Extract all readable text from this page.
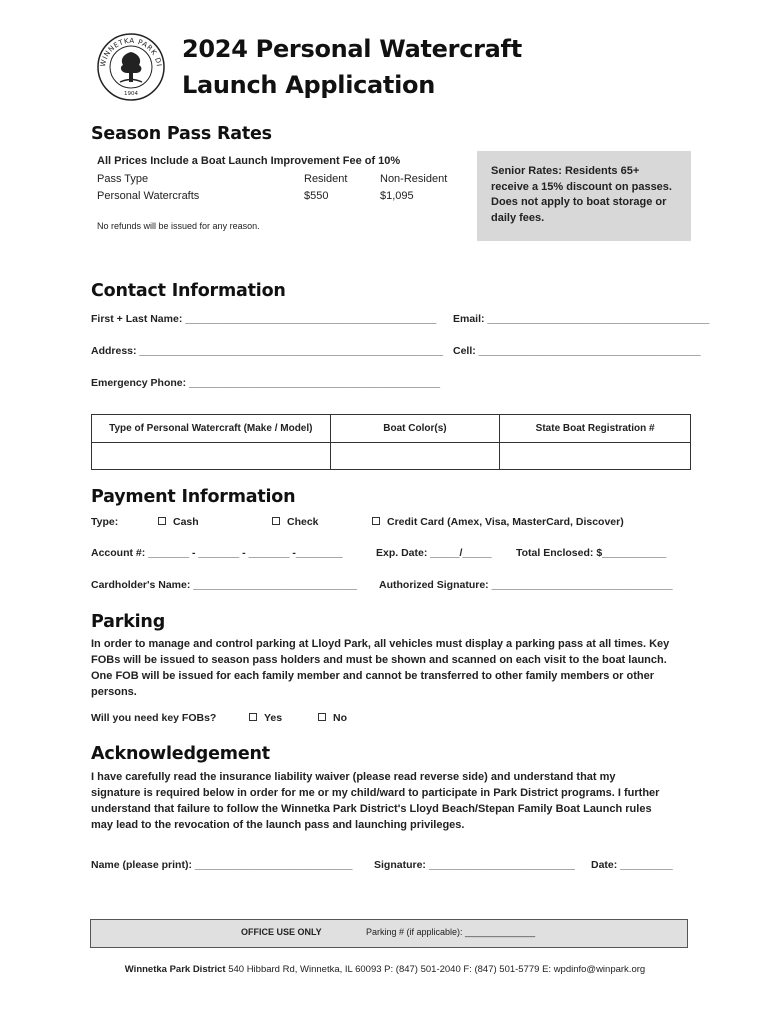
WINNETKA PARK DI
1904
2024 Personal Watercraft
Launch Application
Season Pass Rates
All Prices Include a Boat Launch Improvement Fee of 10%
Pass Type	Resident	Non-Resident
Personal Watercrafts	$550	$1,095
No refunds will be issued for any reason.
Senior Rates: Residents 65+ receive a 15% discount on passes. Does not apply to boat storage or daily fees.
Contact Information
First + Last Name: ___________________________________________ Email: ______________________________________
Address: ____________________________________________________ Cell: ______________________________________
Emergency Phone: ___________________________________________
Type of Personal Watercraft (Make / Model)	Boat Color(s)	State Boat Registration #

Payment Information
Type:	Cash	Check	Credit Card (Amex, Visa, MasterCard, Discover)
Account #: _______ - _______ - _______ -________	Exp. Date: _____/_____ Total Enclosed: $___________
Cardholder's Name: ____________________________ Authorized Signature: _______________________________
Parking
In order to manage and control parking at Lloyd Park, all vehicles must display a parking pass at all times. Key
FOBs will be issued to season pass holders and must be shown and scanned on each visit to the boat launch.
One FOB will be issued for each family member and cannot be transferred to other family members or other
persons.
Will you need key FOBs?	Yes	No
Acknowledgement
I have carefully read the insurance liability waiver (please read reverse side) and understand that my
signature is required below in order for me or my child/ward to participate in Park District programs. I further
understand that failure to follow the Winnetka Park District's Lloyd Beach/Stepan Family Boat Launch rules
may lead to the revocation of the launch pass and launching privileges.
Name (please print): ___________________________ Signature: _________________________ Date: _________
OFFICE USE ONLY	Parking # (if applicable): ______________
Winnetka Park District 540 Hibbard Rd, Winnetka, IL 60093 P: (847) 501-2040 F: (847) 501-5779 E: wpdinfo@winpark.org
